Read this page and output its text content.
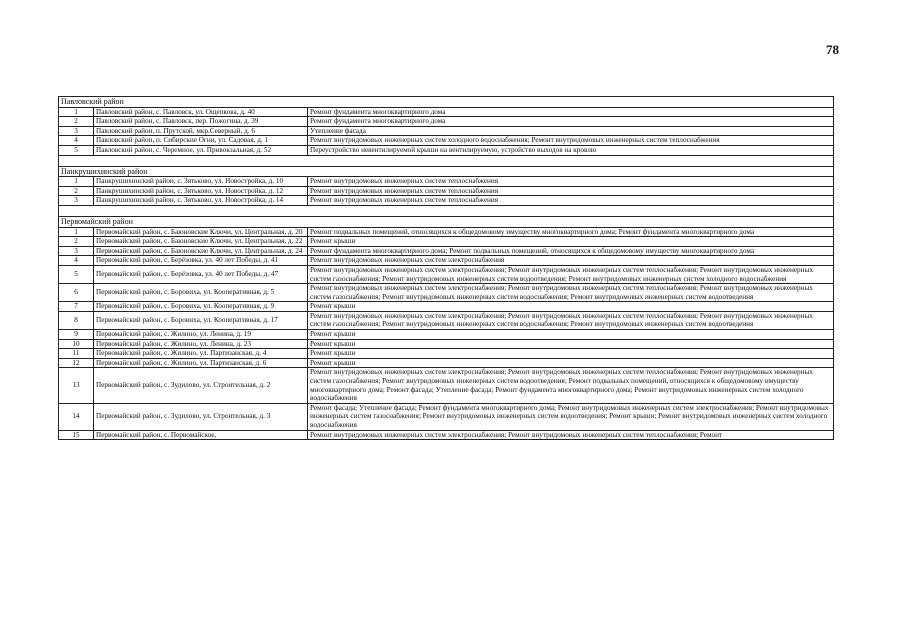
78
Павловский район		
1	Павловский район, с. Павловск, ул. Ощепкова, д. 40	Ремонт фундамента многоквартирного дома
2	Павловский район, с. Павловск, пер. Пожогина, д. 39	Ремонт фундамента многоквартирного дома
3	Павловский район, п. Прутской, мкр.Северный, д. 6	Утепление фасада
4	Павловский район, п. Сибирские Огни, ул. Садовая, д. 1	Ремонт внутридомовых инженерных систем холодного водоснабжения; Ремонт внутридомовых инженерных систем теплоснабжения
5	Павловский район, с. Черемное, ул. Привокзальная, д. 52	Переустройство невентилируемой крыши на вентилируемую, устройство выходов на кровлю

Панкрушихинский район		
1	Панкрушихинский район, с. Зятьково, ул. Новостройка, д. 10	Ремонт внутридомовых инженерных систем теплоснабжения
2	Панкрушихинский район, с. Зятьково, ул. Новостройка, д. 12	Ремонт внутридомовых инженерных систем теплоснабжения
3	Панкрушихинский район, с. Зятьково, ул. Новостройка, д. 14	Ремонт внутридомовых инженерных систем теплоснабжения

Первомайский район		
1	Первомайский район, с. Баюновские Ключи, ул. Центральная, д. 20	Ремонт подвальных помещений, относящихся к общедомовому имуществу многоквартирного дома; Ремонт фундамента многоквартирного дома
2	Первомайский район, с. Баюновские Ключи, ул. Центральная, д. 22	Ремонт крыши
3	Первомайский район, с. Баюновские Ключи, ул. Центральная, д. 24	Ремонт фундамента многоквартирного дома; Ремонт подвальных помещений, относящихся к общедомовому имуществу многоквартирного дома
4	Первомайский район, с. Берёзовка, ул. 40 лет Победы, д. 41	Ремонт внутридомовых инженерных систем электроснабжения
5	Первомайский район, с. Берёзовка, ул. 40 лет Победы, д. 47	Ремонт внутридомовых инженерных систем электроснабжения; Ремонт внутридомовых инженерных систем теплоснабжения; Ремонт внутридомовых инженерных систем газоснабжения; Ремонт внутридомовых инженерных систем водоотведения; Ремонт внутридомовых инженерных систем холодного водоснабжения
6	Первомайский район, с. Боровиха, ул. Кооперативная, д. 5	Ремонт внутридомовых инженерных систем электроснабжения; Ремонт внутридомовых инженерных систем теплоснабжения; Ремонт внутридомовых инженерных систем газоснабжения; Ремонт внутридомовых инженерных систем водоснабжения; Ремонт внутридомовых инженерных систем водоотведения
7	Первомайский район, с. Боровиха, ул. Кооперативная, д. 9	Ремонт крыши
8	Первомайский район, с. Боровиха, ул. Кооперативная, д. 17	Ремонт внутридомовых инженерных систем электроснабжения; Ремонт внутридомовых инженерных систем теплоснабжения; Ремонт внутридомовых инженерных систем газоснабжения; Ремонт внутридомовых инженерных систем водоснабжения; Ремонт внутридомовых инженерных систем водоотведения
9	Первомайский район, с. Жилино, ул. Ленина, д. 19	Ремонт крыши
10	Первомайский район, с. Жилино, ул. Ленина, д. 23	Ремонт крыши
11	Первомайский район, с. Жилино, ул. Партизанская, д. 4	Ремонт крыши
12	Первомайский район, с. Жилино, ул. Партизанская, д. 6	Ремонт крыши
13	Первомайский район, с. Зудилово, ул. Строительная, д. 2	Ремонт внутридомовых инженерных систем электроснабжения; Ремонт внутридомовых инженерных систем теплоснабжения; Ремонт внутридомовых инженерных систем газоснабжения; Ремонт внутридомовых инженерных систем водоотведения; Ремонт подвальных помещений, относящихся к общедомовому имуществу многоквартирного дома; Ремонт фасада; Утепление фасада; Ремонт фундамента многоквартирного дома; Ремонт внутридомовых инженерных систем холодного водоснабжения
14	Первомайский район, с. Зудилово, ул. Строительная, д. 3	Ремонт фасада; Утепление фасада; Ремонт фундамента многоквартирного дома; Ремонт внутридомовых инженерных систем электроснабжения; Ремонт внутридомовых инженерных систем газоснабжения; Ремонт внутридомовых инженерных систем водоотведения; Ремонт крыши; Ремонт внутридомовых инженерных систем холодного водоснабжения
15	Первомайский район, с. Первомайское,	Ремонт внутридомовых инженерных систем электроснабжения; Ремонт внутридомовых инженерных систем теплоснабжения; Ремонт
